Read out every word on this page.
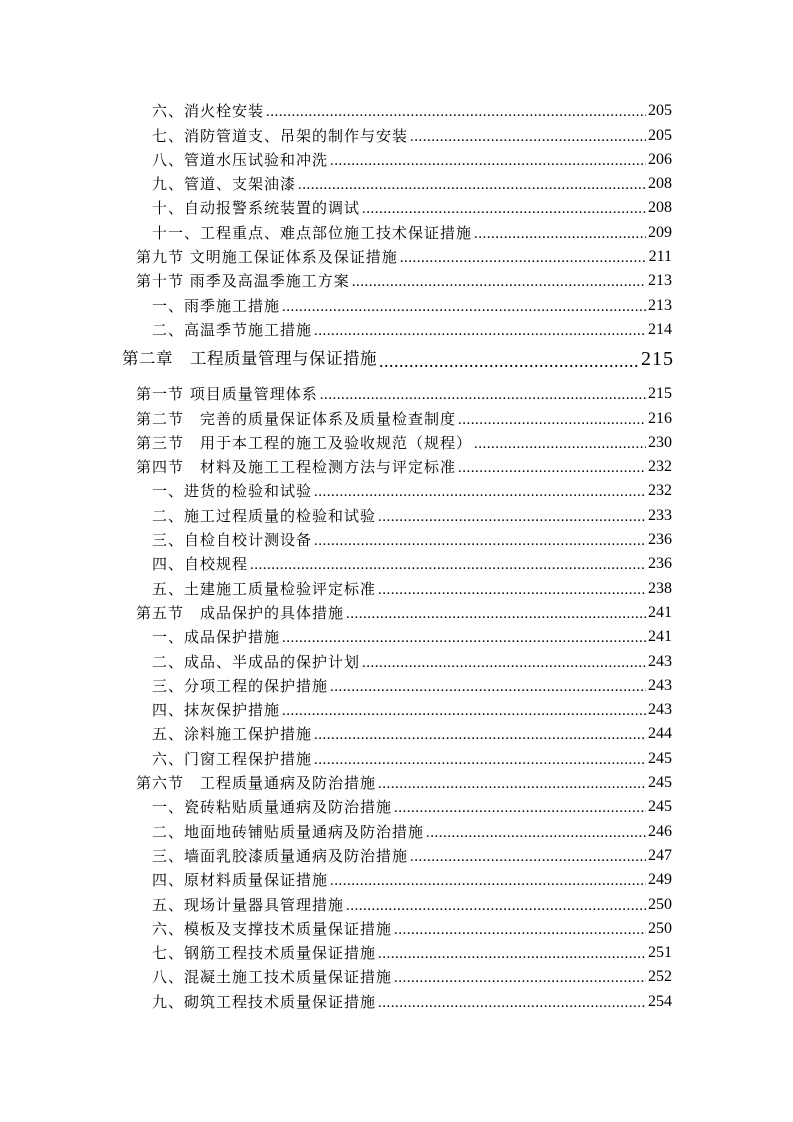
六、消火栓安装 .....	205
七、消防管道支、吊架的制作与安装 .....	205
八、管道水压试验和冲洗 .....	206
九、管道、支架油漆 .....	208
十、自动报警系统装置的调试 .....	208
十一、工程重点、难点部位施工技术保证措施 .....	209
第九节 文明施工保证体系及保证措施 .....	211
第十节 雨季及高温季施工方案 .....	213
一、雨季施工措施 .....	213
二、高温季节施工措施 .....	214
第二章　工程质量管理与保证措施 .....	215
第一节 项目质量管理体系 .....	215
第二节　完善的质量保证体系及质量检查制度 .....	216
第三节　用于本工程的施工及验收规范（规程） .....	230
第四节　材料及施工工程检测方法与评定标准 .....	232
一、进货的检验和试验 .....	232
二、施工过程质量的检验和试验 .....	233
三、自检自校计测设备 .....	236
四、自校规程 .....	236
五、土建施工质量检验评定标准 .....	238
第五节　成品保护的具体措施 .....	241
一、成品保护措施 .....	241
二、成品、半成品的保护计划 .....	243
三、分项工程的保护措施 .....	243
四、抹灰保护措施 .....	243
五、涂料施工保护措施 .....	244
六、门窗工程保护措施 .....	245
第六节　工程质量通病及防治措施 .....	245
一、瓷砖粘贴质量通病及防治措施 .....	245
二、地面地砖铺贴质量通病及防治措施 .....	246
三、墙面乳胶漆质量通病及防治措施 .....	247
四、原材料质量保证措施 .....	249
五、现场计量器具管理措施 .....	250
六、模板及支撑技术质量保证措施 .....	250
七、钢筋工程技术质量保证措施 .....	251
八、混凝土施工技术质量保证措施 .....	252
九、砌筑工程技术质量保证措施 .....	254
